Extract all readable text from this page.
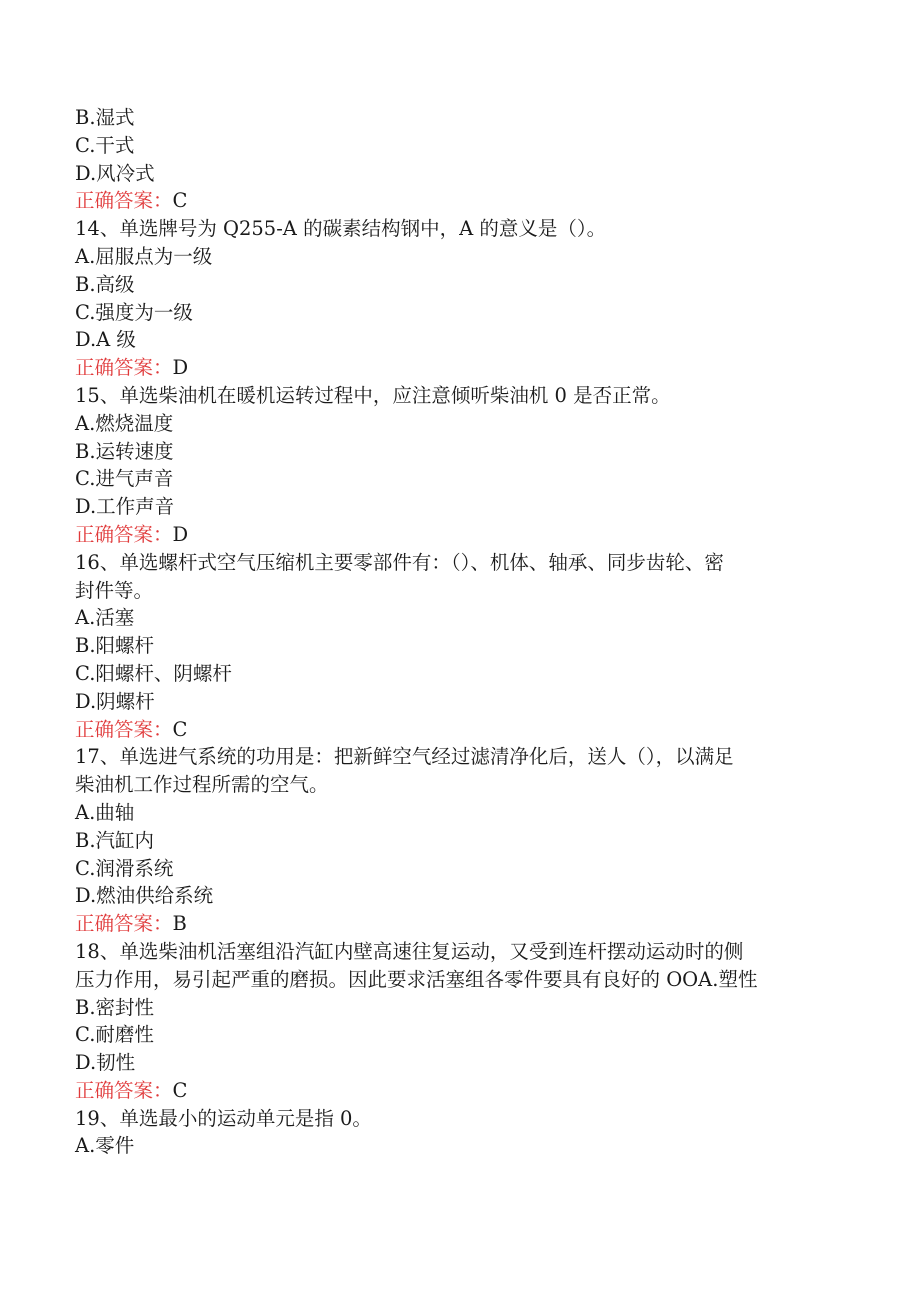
B.湿式
C.干式
D.风冷式
正确答案：C
14、单选牌号为 Q255-A 的碳素结构钢中，A 的意义是（）。
A.屈服点为一级
B.高级
C.强度为一级
D.A 级
正确答案：D
15、单选柴油机在暖机运转过程中，应注意倾听柴油机 0 是否正常。
A.燃烧温度
B.运转速度
C.进气声音
D.工作声音
正确答案：D
16、单选螺杆式空气压缩机主要零部件有：（）、机体、轴承、同步齿轮、密
封件等。
A.活塞
B.阳螺杆
C.阳螺杆、阴螺杆
D.阴螺杆
正确答案：C
17、单选进气系统的功用是：把新鲜空气经过滤清净化后，送人（），以满足
柴油机工作过程所需的空气。
A.曲轴
B.汽缸内
C.润滑系统
D.燃油供给系统
正确答案：B
18、单选柴油机活塞组沿汽缸内壁高速往复运动，又受到连杆摆动运动时的侧
压力作用，易引起严重的磨损。因此要求活塞组各零件要具有良好的 OOA.塑性
B.密封性
C.耐磨性
D.韧性
正确答案：C
19、单选最小的运动单元是指 0。
A.零件
